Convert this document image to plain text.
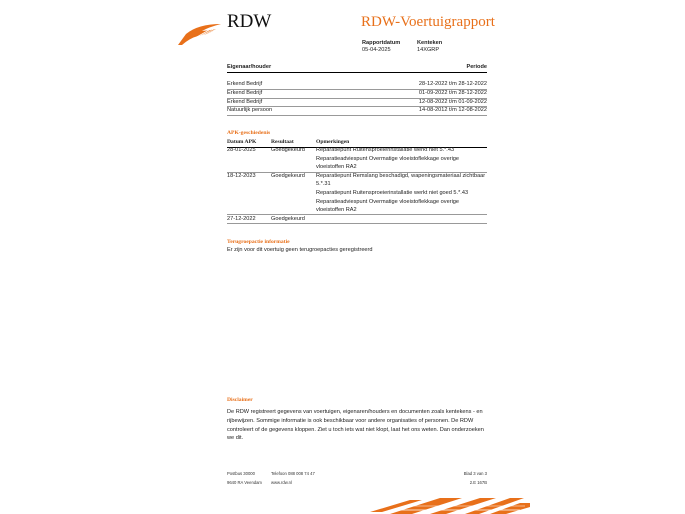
RDW	RDW-Voertuigrapport
Rapportdatum
05-04-2025
Kenteken
14XGRP
Eigenaar/houder	Periode
Erkend Bedrijf	28-12-2022 t/m 28-12-2022
Erkend Bedrijf	01-09-2022 t/m 28-12-2022
Erkend Bedrijf	12-08-2022 t/m 01-09-2022
Natuurlijk persoon	14-08-2012 t/m 12-08-2022
APK-geschiedenis
Datum APK	Resultaat	Opmerkingen
28-01-2025	Goedgekeurd Reparatiepunt Ruitensproeierinstallatie werkt niet 5.*.43
Reparatieadviespunt Overmatige vloeistoflekkage overige
vloeistoffen RA2
18-12-2023	Goedgekeurd Reparatiepunt Remslang beschadigd, wapeningsmateriaal zichtbaar
5.*.31
Reparatiepunt Ruitensproeierinstallatie werkt niet goed 5.*.43
Reparatieadviespunt Overmatige vloeistoflekkage overige
vloeistoffen RA2
27-12-2022	Goedgekeurd
Terugroepactie informatie
Er zijn voor dit voertuig geen terugroepacties geregistreerd
Disclaimer
De RDW registreert gegevens van voertuigen, eigenaren/houders en documenten zoals kentekens - en
rijbewijzen. Sommige informatie is ook beschikbaar voor andere organisaties of personen. De RDW
controleert of de gegevens kloppen. Ziet u toch iets wat niet klopt, laat het ons weten. Dan onderzoeken
we dit.
Postbus 30000
9640 RA Veendam
Telefoon 088 008 74 47
www.rdw.nl
Blad 3 van 3
2.E 167B
